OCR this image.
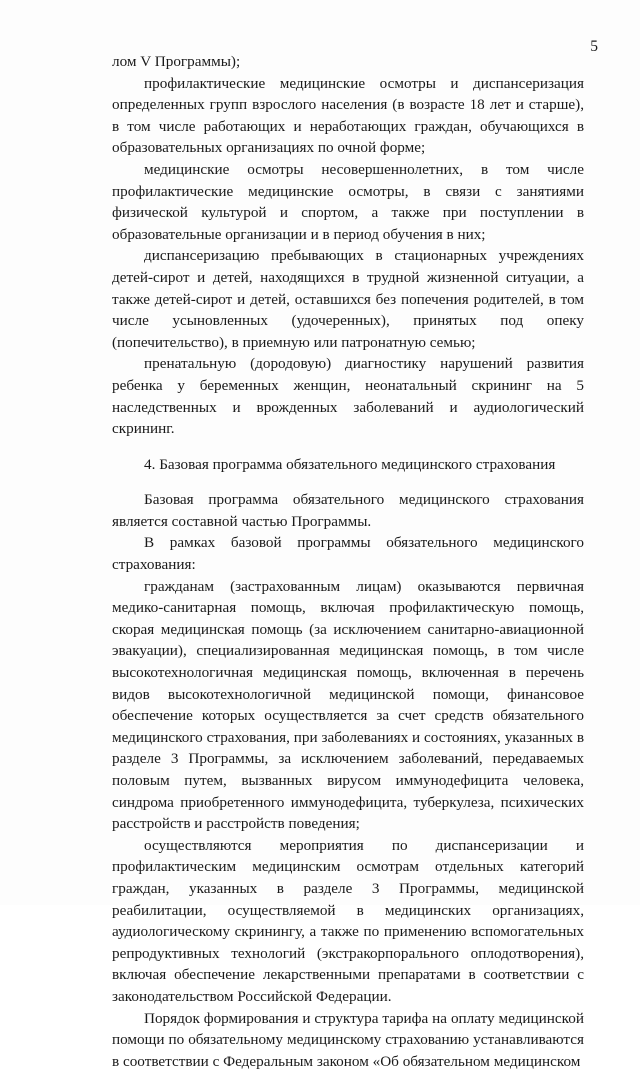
5

лом V Программы);

профилактические медицинские осмотры и диспансеризация определенных групп взрослого населения (в возрасте 18 лет и старше), в том числе работающих и неработающих граждан, обучающихся в образовательных организациях по очной форме;

медицинские осмотры несовершеннолетних, в том числе профилактические медицинские осмотры, в связи с занятиями физической культурой и спортом, а также при поступлении в образовательные организации и в период обучения в них;

диспансеризацию пребывающих в стационарных учреждениях детей-сирот и детей, находящихся в трудной жизненной ситуации, а также детей-сирот и детей, оставшихся без попечения родителей, в том числе усыновленных (удочеренных), принятых под опеку (попечительство), в приемную или патронатную семью;

пренатальную (дородовую) диагностику нарушений развития ребенка у беременных женщин, неонатальный скрининг на 5 наследственных и врожденных заболеваний и аудиологический скрининг.

4. Базовая программа обязательного медицинского страхования

Базовая программа обязательного медицинского страхования является составной частью Программы.

В рамках базовой программы обязательного медицинского страхования:

гражданам (застрахованным лицам) оказываются первичная медико-санитарная помощь, включая профилактическую помощь, скорая медицинская помощь (за исключением санитарно-авиационной эвакуации), специализированная медицинская помощь, в том числе высокотехнологичная медицинская помощь, включенная в перечень видов высокотехнологичной медицинской помощи, финансовое обеспечение которых осуществляется за счет средств обязательного медицинского страхования, при заболеваниях и состояниях, указанных в разделе 3 Программы, за исключением заболеваний, передаваемых половым путем, вызванных вирусом иммунодефицита человека, синдрома приобретенного иммунодефицита, туберкулеза, психических расстройств и расстройств поведения;

осуществляются мероприятия по диспансеризации и профилактическим медицинским осмотрам отдельных категорий граждан, указанных в разделе 3 Программы, медицинской реабилитации, осуществляемой в медицинских организациях, аудиологическому скринингу, а также по применению вспомогательных репродуктивных технологий (экстракорпорального оплодотворения), включая обеспечение лекарственными препаратами в соответствии с законодательством Российской Федерации.

Порядок формирования и структура тарифа на оплату медицинской помощи по обязательному медицинскому страхованию устанавливаются в соответствии с Федеральным законом «Об обязательном медицинском
